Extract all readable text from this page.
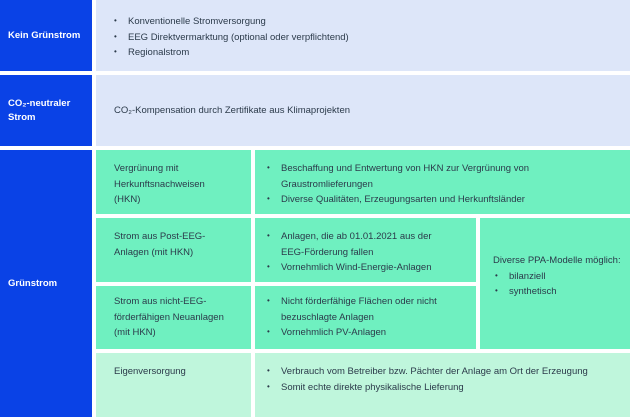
Kein Grünstrom
• Konventionelle Stromversorgung
• EEG Direktvermarktung (optional oder verpflichtend)
• Regionalstrom
CO₂-neutraler
Strom
CO₂-Kompensation durch Zertifikate aus Klimaprojekten
Grünstrom
Vergrünung mit Herkunftsnachweisen (HKN)
• Beschaffung und Entwertung von HKN zur Vergrünung von Graustromlieferungen
• Diverse Qualitäten, Erzeugungsarten und Herkunftsländer
Strom aus Post-EEG-Anlagen (mit HKN)
• Anlagen, die ab 01.01.2021 aus der EEG-Förderung fallen
• Vornehmlich Wind-Energie-Anlagen
Strom aus nicht-EEG-förderfähigen Neuanlagen (mit HKN)
• Nicht förderfähige Flächen oder nicht bezuschlagte Anlagen
• Vornehmlich PV-Anlagen
Diverse PPA-Modelle möglich:
• bilanziell
• synthetisch
Eigenversorgung	• Verbrauch vom Betreiber bzw. Pächter der Anlage am Ort der Erzeugung
• Somit echte direkte physikalische Lieferung
